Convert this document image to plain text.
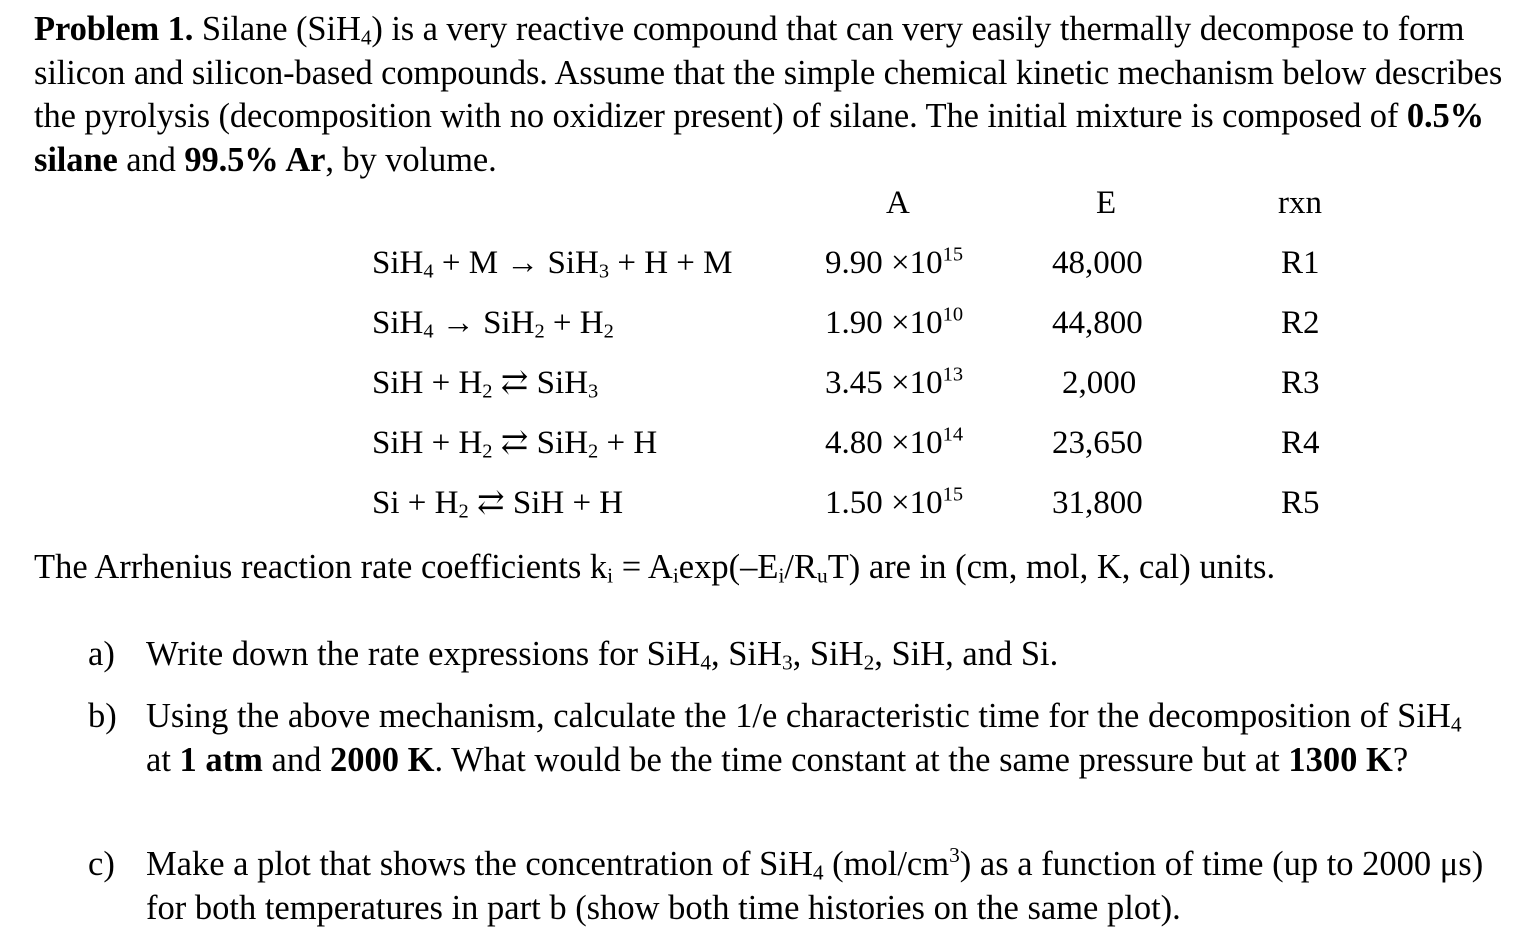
Problem 1. Silane (SiH$_4$) is a very reactive compound that can very easily thermally decompose to form silicon and silicon-based compounds. Assume that the simple chemical kinetic mechanism below describes the pyrolysis (decomposition with no oxidizer present) of silane. The initial mixture is composed of 0.5% silane and 99.5% Ar, by volume.
A	E	rxn
SiH$_4$ + M → SiH$_3$ + H + M	$9.90 \times 10^{15}$	48,000	R1
$SiH_4 \to SiH_2 + H_2$	$1.90 \times 10^{10}$	44,800	R2
SiH + $H_2$ ⇄ SiH$_3$	$3.45 \times 10^{13}$	2,000	R3
SiH + $H_2$ ⇄ SiH$_2$ + H	$4.80 \times 10^{14}$	23,650	R4
$Si + H_2$ ⇄ SiH + H	$1.50 \times 10^{15}$	31,800	R5
The Arrhenius reaction rate coefficients $k_i = A_i\exp(-E_i/R_uT)$ are in (cm, mol, K, cal) units.
a) Write down the rate expressions for SiH$_4$, SiH$_3$, SiH$_2$, SiH, and Si.
b) Using the above mechanism, calculate the 1/e characteristic time for the decomposition of SiH$_4$ at 1 atm and 2000 K. What would be the time constant at the same pressure but at 1300 K?
c) Make a plot that shows the concentration of SiH$_4$ $(mol/cm^3)$ as a function of time (up to 2000 μs) for both temperatures in part b (show both time histories on the same plot).
